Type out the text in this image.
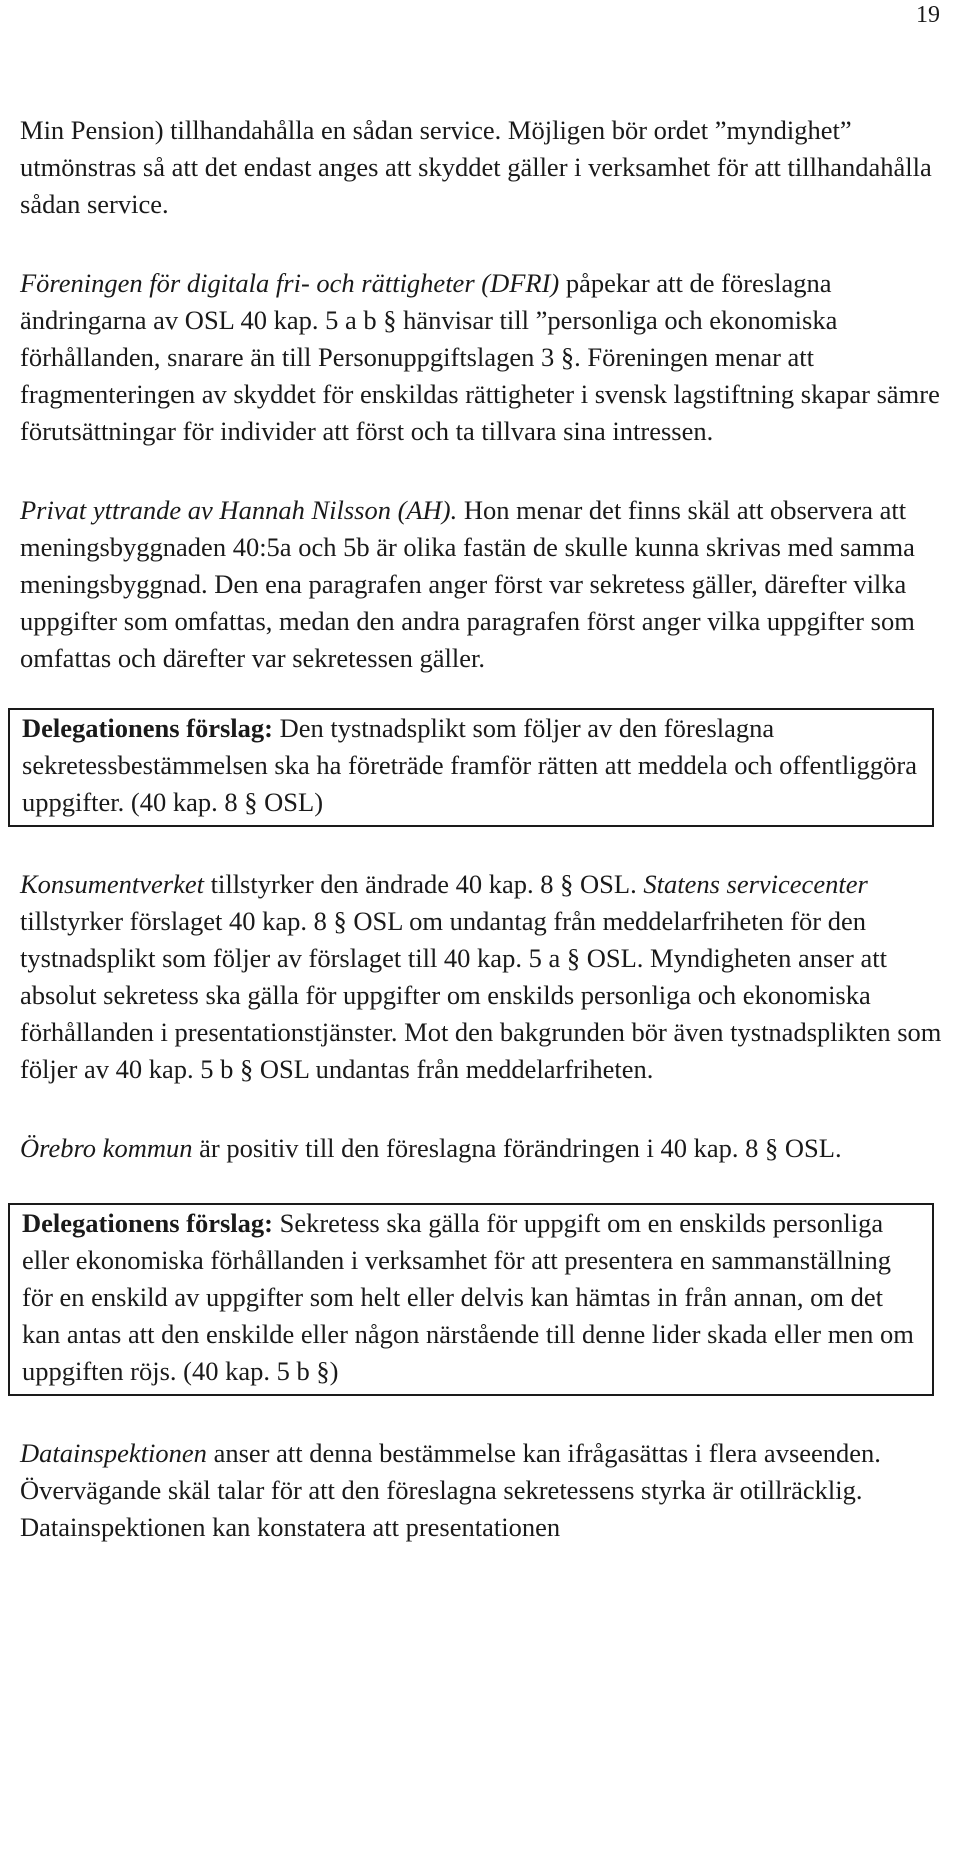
19

Min Pension) tillhandahålla en sådan service. Möjligen bör ordet ”myndighet” utmönstras så att det endast anges att skyddet gäller i verksamhet för att tillhandahålla sådan service.

Föreningen för digitala fri- och rättigheter (DFRI) påpekar att de föreslagna ändringarna av OSL 40 kap. 5 a b § hänvisar till ”personliga och ekonomiska förhållanden, snarare än till Personuppgiftslagen 3 §. Föreningen menar att fragmenteringen av skyddet för enskildas rättigheter i svensk lagstiftning skapar sämre förutsättningar för individer att först och ta tillvara sina intressen.

Privat yttrande av Hannah Nilsson (AH). Hon menar det finns skäl att observera att meningsbyggnaden 40:5a och 5b är olika fastän de skulle kunna skrivas med samma meningsbyggnad. Den ena paragrafen anger först var sekretess gäller, därefter vilka uppgifter som omfattas, medan den andra paragrafen först anger vilka uppgifter som omfattas och därefter var sekretessen gäller.

Delegationens förslag: Den tystnadsplikt som följer av den föreslagna sekretessbestämmelsen ska ha företräde framför rätten att meddela och offentliggöra uppgifter. (40 kap. 8 § OSL)

Konsumentverket tillstyrker den ändrade 40 kap. 8 § OSL. Statens servicecenter tillstyrker förslaget 40 kap. 8 § OSL om undantag från meddelarfriheten för den tystnadsplikt som följer av förslaget till 40 kap. 5 a § OSL. Myndigheten anser att absolut sekretess ska gälla för uppgifter om enskilds personliga och ekonomiska förhållanden i presentationstjänster. Mot den bakgrunden bör även tystnadsplikten som följer av 40 kap. 5 b § OSL undantas från meddelarfriheten.

Örebro kommun är positiv till den föreslagna förändringen i 40 kap. 8 § OSL.

Delegationens förslag: Sekretess ska gälla för uppgift om en enskilds personliga eller ekonomiska förhållanden i verksamhet för att presentera en sammanställning för en enskild av uppgifter som helt eller delvis kan hämtas in från annan, om det kan antas att den enskilde eller någon närstående till denne lider skada eller men om uppgiften röjs. (40 kap. 5 b §)

Datainspektionen anser att denna bestämmelse kan ifrågasättas i flera avseenden. Övervägande skäl talar för att den föreslagna sekretessens styrka är otillräcklig. Datainspektionen kan konstatera att presentationen
